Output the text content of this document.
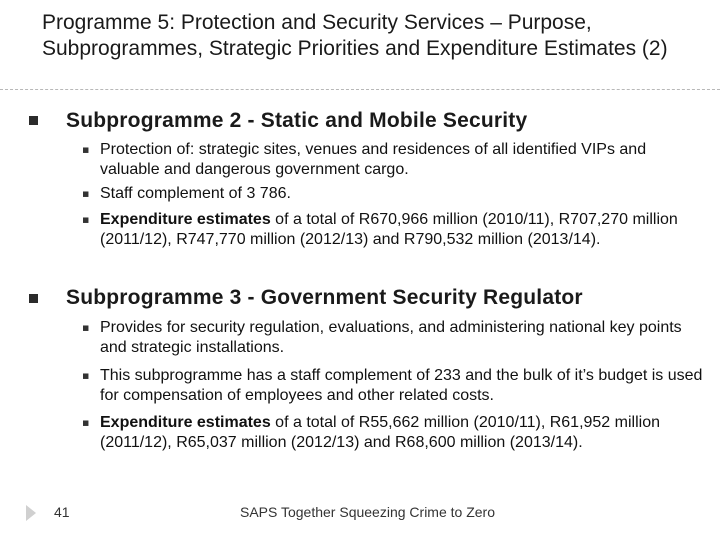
Programme 5: Protection and Security Services – Purpose, Subprogrammes, Strategic Priorities and Expenditure Estimates (2)
Subprogramme 2 - Static and Mobile Security
▪ Protection of: strategic sites, venues and residences of all identified VIPs and valuable and dangerous government cargo.
▪ Staff complement of 3 786.
▪ Expenditure estimates of a total of R670,966 million (2010/11), R707,270 million (2011/12), R747,770 million (2012/13) and R790,532 million (2013/14).
Subprogramme 3 - Government Security Regulator
▪ Provides for security regulation, evaluations, and administering national key points and strategic installations.
▪ This subprogramme has a staff complement of 233 and the bulk of it’s budget is used for compensation of employees and other related costs.
▪ Expenditure estimates of a total of R55,662 million (2010/11), R61,952 million (2011/12), R65,037 million (2012/13) and R68,600 million (2013/14).
41	SAPS Together Squeezing Crime to Zero
